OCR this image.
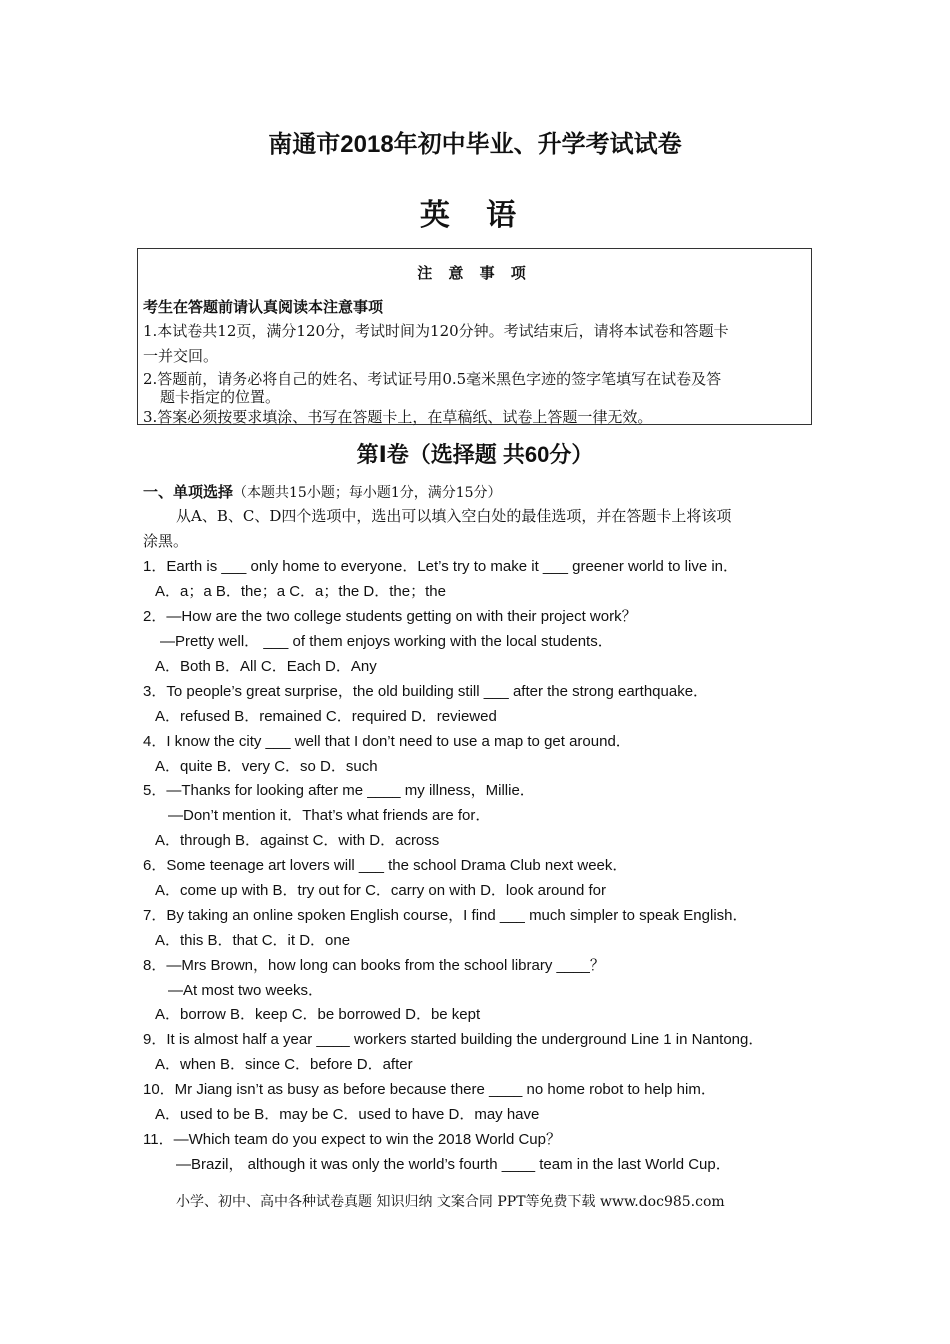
南通市2018年初中毕业、升学考试试卷
英 语
注 意 事 项
考生在答题前请认真阅读本注意事项
1.本试卷共12页，满分120分，考试时间为120分钟。考试结束后，请将本试卷和答题卡
一并交回。
2.答题前，请务必将自己的姓名、考试证号用0.5毫米黑色字迹的签字笔填写在试卷及答
题卡指定的位置。
3.答案必须按要求填涂、书写在答题卡上，在草稿纸、试卷上答题一律无效。
第Ⅰ卷（选择题 共60分）
一、单项选择（本题共15小题；每小题1分，满分15分）
从A、B、C、D四个选项中，选出可以填入空白处的最佳选项，并在答题卡上将该项
涂黑。
1．Earth is ___ only home to everyone．Let’s try to make it ___ greener world to live in．
A．a；a B．the；a C．a；the D．the；the
2．—How are the two college students getting on with their project work？
—Pretty well． ___ of them enjoys working with the local students．
A．Both B．All C．Each D．Any
3．To people’s great surprise，the old building still ___ after the strong earthquake．
A．refused B．remained C．required D．reviewed
4．I know the city ___ well that I don’t need to use a map to get around．
A．quite B．very C．so D．such
5．—Thanks for looking after me ____ my illness，Millie．
—Don’t mention it．That’s what friends are for．
A．through B．against C．with D．across
6．Some teenage art lovers will ___ the school Drama Club next week．
A．come up with B．try out for C．carry on with D．look around for
7．By taking an online spoken English course，I find ___ much simpler to speak English．
A．this B．that C．it D．one
8．—Mrs Brown，how long can books from the school library ____？
—At most two weeks．
A．borrow B．keep C．be borrowed D．be kept
9．It is almost half a year ____ workers started building the underground Line 1 in Nantong．
A．when B．since C．before D．after
10．Mr Jiang isn’t as busy as before because there ____ no home robot to help him．
A．used to be B．may be C．used to have D．may have
11．—Which team do you expect to win the 2018 World Cup？
—Brazil， although it was only the world’s fourth ____ team in the last World Cup．
小学、初中、高中各种试卷真题 知识归纳 文案合同 PPT等免费下载 www.doc985.com
